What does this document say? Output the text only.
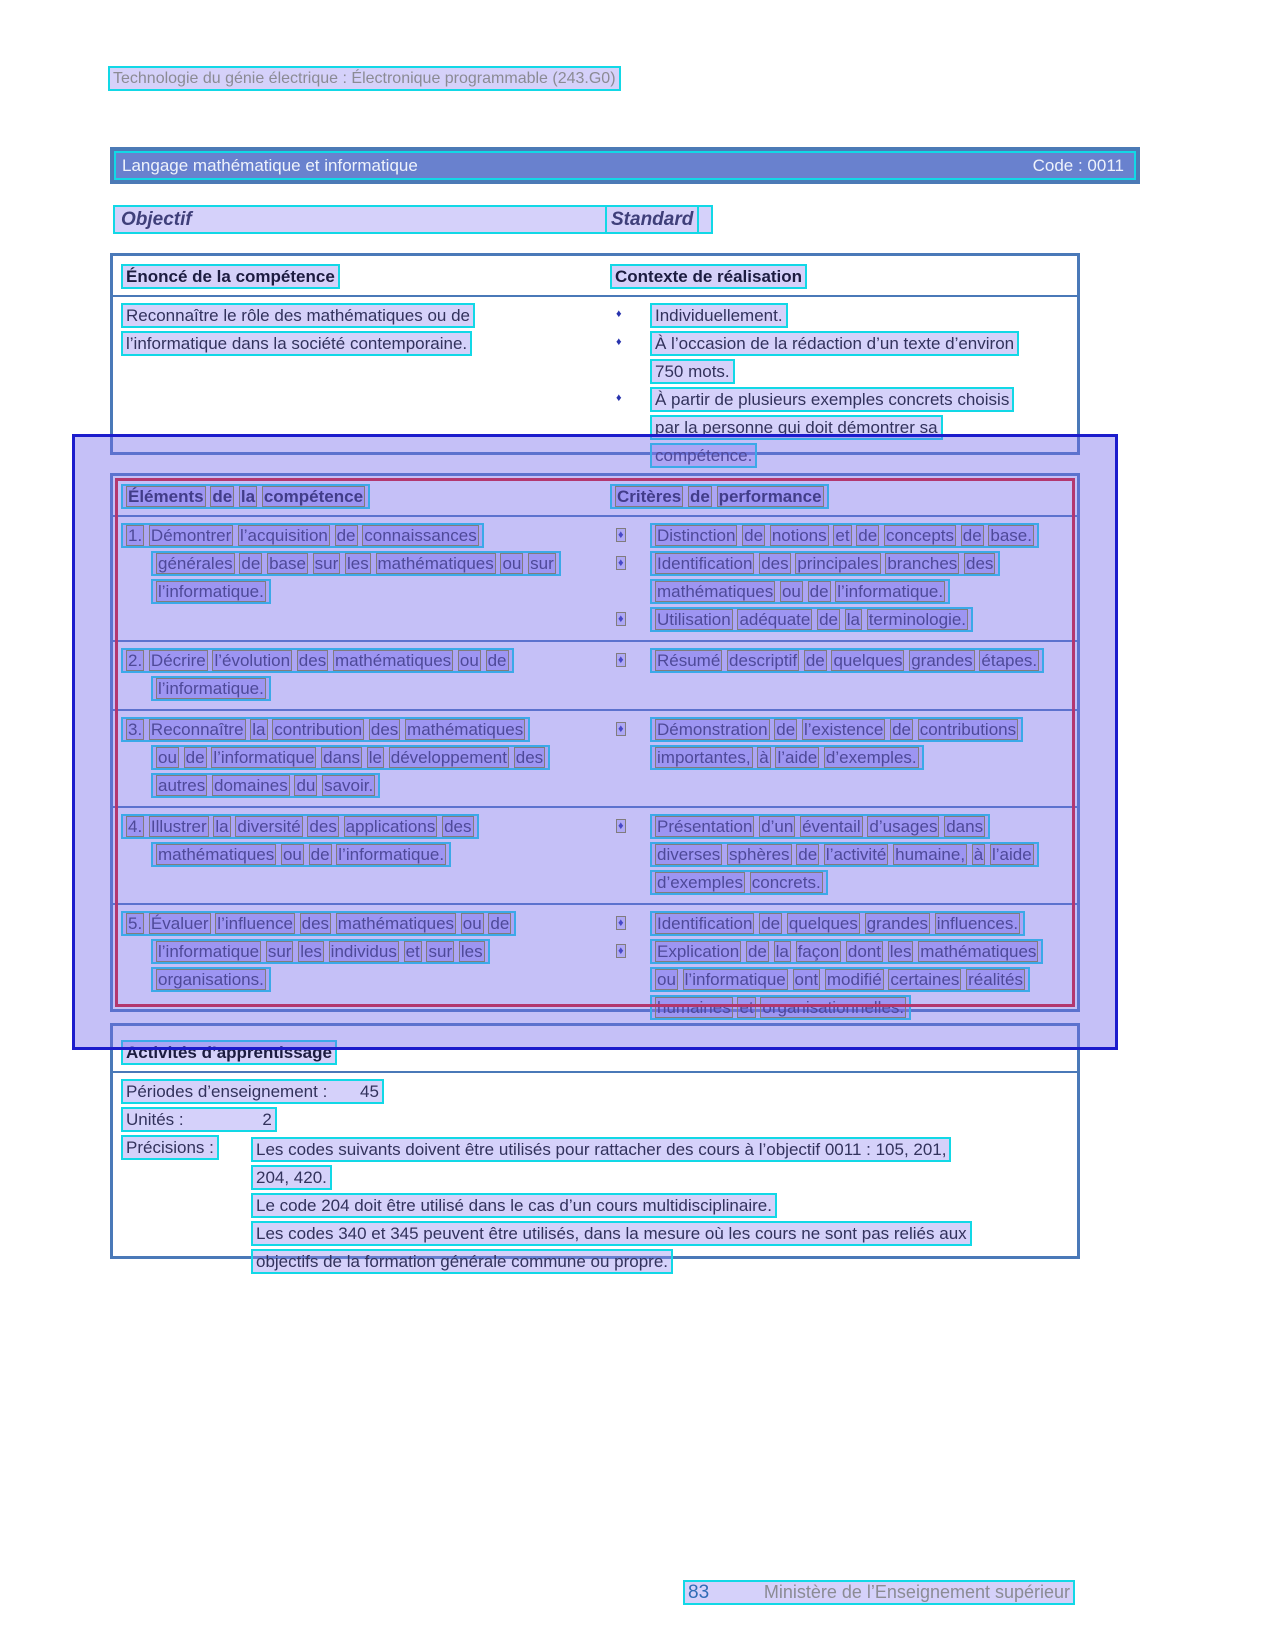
Technologie du génie électrique : Électronique programmable (243.G0)
Langage mathématique et informatique	Code : 0011
Objectif	Standard
Énoncé de la compétence	Contexte de réalisation
Reconnaître le rôle des mathématiques ou de
l’informatique dans la société contemporaine.
♦ Individuellement.
♦ À l’occasion de la rédaction d’un texte d’environ
750 mots.
♦ À partir de plusieurs exemples concrets choisis
par la personne qui doit démontrer sa
compétence.
Éléments de la compétence	Critères de performance
1. Démontrer l’acquisition de connaissances
générales de base sur les mathématiques ou sur
l’informatique.
♦	Distinction de notions et de concepts de base.
♦	Identification des principales branches des
mathématiques ou de l’informatique.
♦	Utilisation adéquate de la terminologie.
2. Décrire l’évolution des mathématiques ou de
l’informatique.
♦	Résumé descriptif de quelques grandes étapes.
3. Reconnaître la contribution des mathématiques
ou de l’informatique dans le développement des
autres domaines du savoir.
♦	Démonstration de l’existence de contributions
importantes, à l’aide d’exemples.
4. Illustrer la diversité des applications des
mathématiques ou de l’informatique.
♦	Présentation d’un éventail d’usages dans
diverses sphères de l’activité humaine, à l’aide
d’exemples concrets.
5. Évaluer l’influence des mathématiques ou de
l’informatique sur les individus et sur les
organisations.
♦	Identification de quelques grandes influences.
♦	Explication de la façon dont les mathématiques
ou l’informatique ont modifié certaines réalités
humaines et organisationnelles.
Activités d’apprentissage
Périodes d’enseignement : 45
Unités :	2
Précisions :	Les codes suivants doivent être utilisés pour rattacher des cours à l’objectif 0011 : 105, 201,
204, 420.
Le code 204 doit être utilisé dans le cas d’un cours multidisciplinaire.
Les codes 340 et 345 peuvent être utilisés, dans la mesure où les cours ne sont pas reliés aux
objectifs de la formation générale commune ou propre.
83	Ministère de l’Enseignement supérieur
